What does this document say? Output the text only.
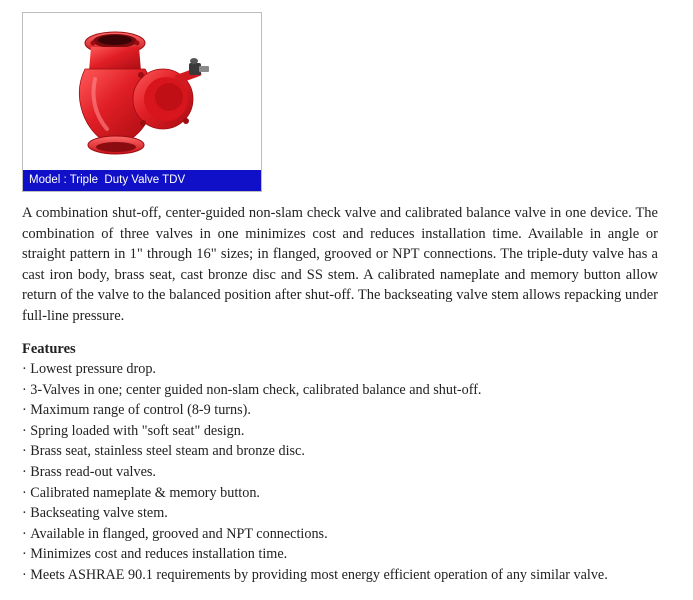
Model : Triple  Duty Valve TDV

A combination shut-off, center-guided non-slam check valve and calibrated balance valve in one device. The combination of three valves in one minimizes cost and reduces installation time. Available in angle or straight pattern in 1" through 16" sizes; in flanged, grooved or NPT connections. The triple-duty valve has a cast iron body, brass seat, cast bronze disc and SS stem. A calibrated nameplate and memory button allow return of the valve to the balanced position after shut-off. The backseating valve stem allows repacking under full-line pressure.

Features
· Lowest pressure drop.
· 3-Valves in one; center guided non-slam check, calibrated balance and shut-off.
· Maximum range of control (8-9 turns).
· Spring loaded with "soft seat" design.
· Brass seat, stainless steel steam and bronze disc.
· Brass read-out valves.
· Calibrated nameplate & memory button.
· Backseating valve stem.
· Available in flanged, grooved and NPT connections.
· Minimizes cost and reduces installation time.
· Meets ASHRAE 90.1 requirements by providing most energy efficient operation of any similar valve.
